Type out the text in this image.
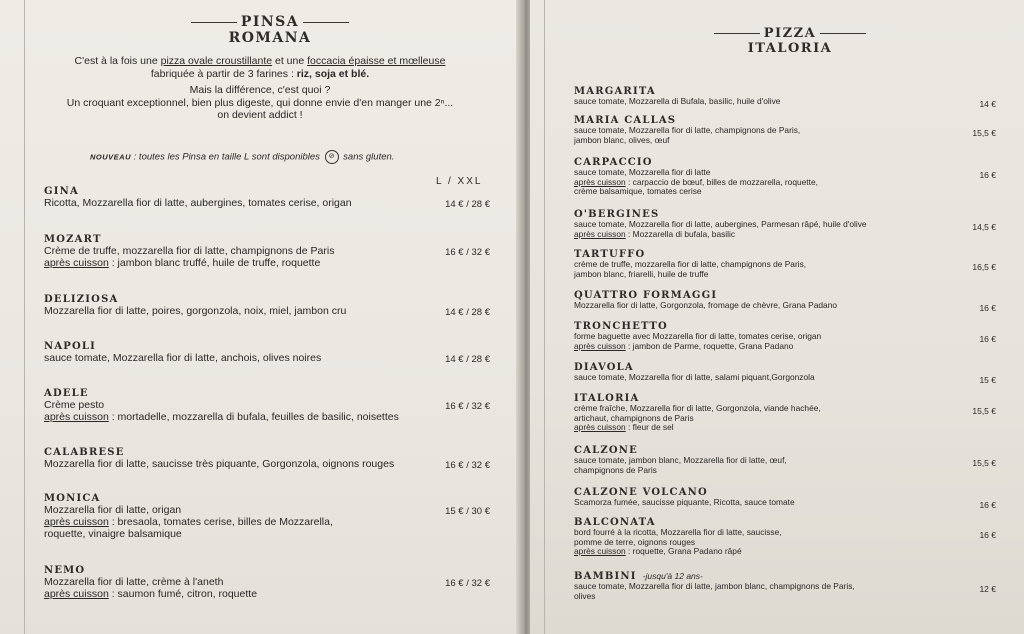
PINSA
ROMANA
C'est à la fois une pizza ovale croustillante et une foccacia épaisse et mœlleuse
fabriquée à partir de 3 farines : riz, soja et blé.
Mais la différence, c'est quoi ?
Un croquant exceptionnel, bien plus digeste, qui donne envie d'en manger une 2ⁿ...
on devient addict !
NOUVEAU : toutes les Pinsa en taille L sont disponibles ⊘ sans gluten.
L / XXL
GINA
Ricotta, Mozzarella fior di latte, aubergines, tomates cerise, origan	14 € / 28 €
MOZART
Crème de truffe, mozzarella fior di latte, champignons de Paris
après cuisson : jambon blanc truffé, huile de truffe, roquette
16 € / 32 €
DELIZIOSA
Mozzarella fior di latte, poires, gorgonzola, noix, miel, jambon cru	14 € / 28 €
NAPOLI
sauce tomate, Mozzarella fior di latte, anchois, olives noires	14 € / 28 €
ADELE
Crème pesto
après cuisson : mortadelle, mozzarella di bufala, feuilles de basilic, noisettes
16 € / 32 €
CALABRESE
Mozzarella fior di latte, saucisse très piquante, Gorgonzola, oignons rouges	16 € / 32 €
MONICA
Mozzarella fior di latte, origan
après cuisson : bresaola, tomates cerise, billes de Mozzarella,
roquette, vinaigre balsamique
15 € / 30 €
NEMO
Mozzarella fior di latte, crème à l'aneth
après cuisson : saumon fumé, citron, roquette
16 € / 32 €
PIZZA
ITALORIA
MARGARITA
sauce tomate, Mozzarella di Bufala, basilic, huile d'olive	14 €
MARIA CALLAS
sauce tomate, Mozzarella fior di latte, champignons de Paris,
jambon blanc, olives, œuf
15,5 €
CARPACCIO
sauce tomate, Mozzarella fior di latte
après cuisson : carpaccio de bœuf, billes de mozzarella, roquette,
crème balsamique, tomates cerise
16 €
O'BERGINES
sauce tomate, Mozzarella fior di latte, aubergines, Parmesan râpé, huile d'olive
après cuisson : Mozzarella di bufala, basilic
14,5 €
TARTUFFO
crème de truffe, mozzarella fior di latte, champignons de Paris,
jambon blanc, friarelli, huile de truffe
16,5 €
QUATTRO FORMAGGI
Mozzarella fior di latte, Gorgonzola, fromage de chèvre, Grana Padano	16 €
TRONCHETTO
forme baguette avec Mozzarella fior di latte, tomates cerise, origan
après cuisson : jambon de Parme, roquette, Grana Padano
16 €
DIAVOLA
sauce tomate, Mozzarella fior di latte, salami piquant,Gorgonzola	15 €
ITALORIA
crème fraîche, Mozzarella fior di latte, Gorgonzola, viande hachée,
artichaut, champignons de Paris
après cuisson : fleur de sel
15,5 €
CALZONE
sauce tomate, jambon blanc, Mozzarella fior di latte, œuf,
champignons de Paris
15,5 €
CALZONE VOLCANO
Scamorza fumée, saucisse piquante, Ricotta, sauce tomate	16 €
BALCONATA
bord fourré à la ricotta, Mozzarella fior di latte, saucisse,
pomme de terre, oignons rouges
après cuisson : roquette, Grana Padano râpé
16 €
BAMBINI -jusqu'à 12 ans-
sauce tomate, Mozzarella fior di latte, jambon blanc, champignons de Paris,
olives
12 €
